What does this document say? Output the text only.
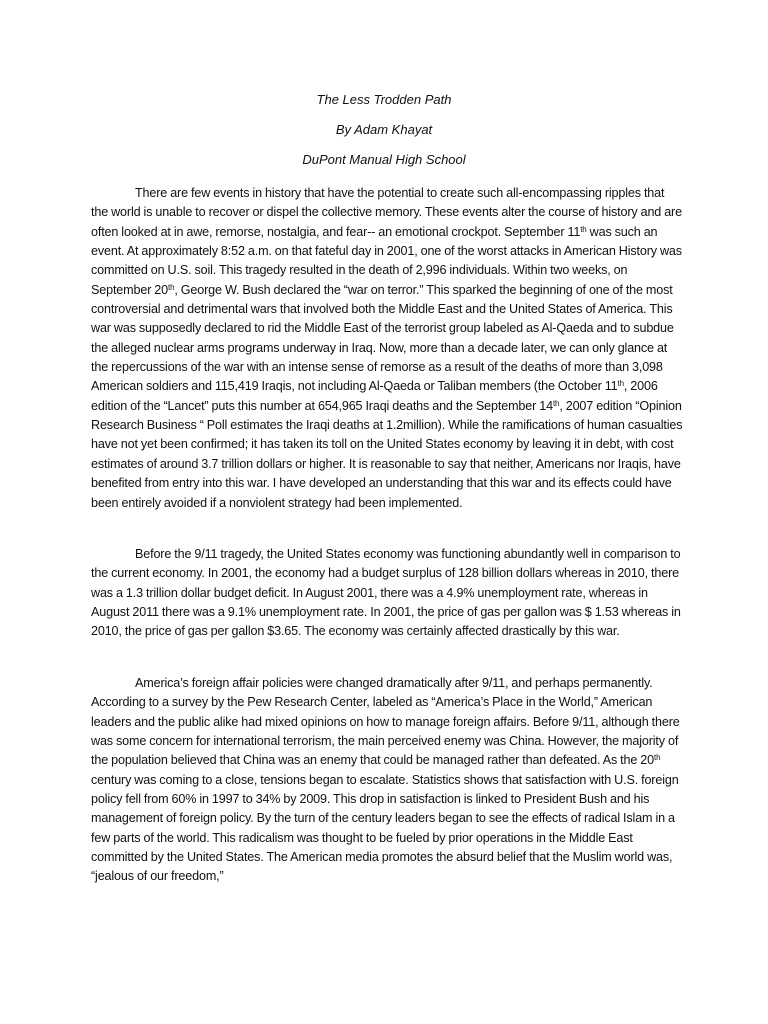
The Less Trodden Path
By Adam Khayat
DuPont Manual High School

There are few events in history that have the potential to create such all-encompassing ripples that the world is unable to recover or dispel the collective memory. These events alter the course of history and are often looked at in awe, remorse, nostalgia, and fear-- an emotional crockpot. September 11th was such an event. At approximately 8:52 a.m. on that fateful day in 2001, one of the worst attacks in American History was committed on U.S. soil. This tragedy resulted in the death of 2,996 individuals. Within two weeks, on September 20th, George W. Bush declared the “war on terror.” This sparked the beginning of one of the most controversial and detrimental wars that involved both the Middle East and the United States of America. This war was supposedly declared to rid the Middle East of the terrorist group labeled as Al-Qaeda and to subdue the alleged nuclear arms programs underway in Iraq. Now, more than a decade later, we can only glance at the repercussions of the war with an intense sense of remorse as a result of the deaths of more than 3,098 American soldiers and 115,419 Iraqis, not including Al-Qaeda or Taliban members (the October 11th, 2006 edition of the “Lancet” puts this number at 654,965 Iraqi deaths and the September 14th, 2007 edition “Opinion Research Business “ Poll estimates the Iraqi deaths at 1.2million). While the ramifications of human casualties have not yet been confirmed; it has taken its toll on the United States economy by leaving it in debt, with cost estimates of around 3.7 trillion dollars or higher. It is reasonable to say that neither, Americans nor Iraqis, have benefited from entry into this war. I have developed an understanding that this war and its effects could have been entirely avoided if a nonviolent strategy had been implemented.

Before the 9/11 tragedy, the United States economy was functioning abundantly well in comparison to the current economy. In 2001, the economy had a budget surplus of 128 billion dollars whereas in 2010, there was a 1.3 trillion dollar budget deficit. In August 2001, there was a 4.9% unemployment rate, whereas in August 2011 there was a 9.1% unemployment rate. In 2001, the price of gas per gallon was $ 1.53 whereas in 2010, the price of gas per gallon $3.65. The economy was certainly affected drastically by this war.

America’s foreign affair policies were changed dramatically after 9/11, and perhaps permanently. According to a survey by the Pew Research Center, labeled as “America’s Place in the World,” American leaders and the public alike had mixed opinions on how to manage foreign affairs. Before 9/11, although there was some concern for international terrorism, the main perceived enemy was China. However, the majority of the population believed that China was an enemy that could be managed rather than defeated. As the 20th century was coming to a close, tensions began to escalate. Statistics shows that satisfaction with U.S. foreign policy fell from 60% in 1997 to 34% by 2009. This drop in satisfaction is linked to President Bush and his management of foreign policy. By the turn of the century leaders began to see the effects of radical Islam in a few parts of the world. This radicalism was thought to be fueled by prior operations in the Middle East committed by the United States. The American media promotes the absurd belief that the Muslim world was, “jealous of our freedom,”
